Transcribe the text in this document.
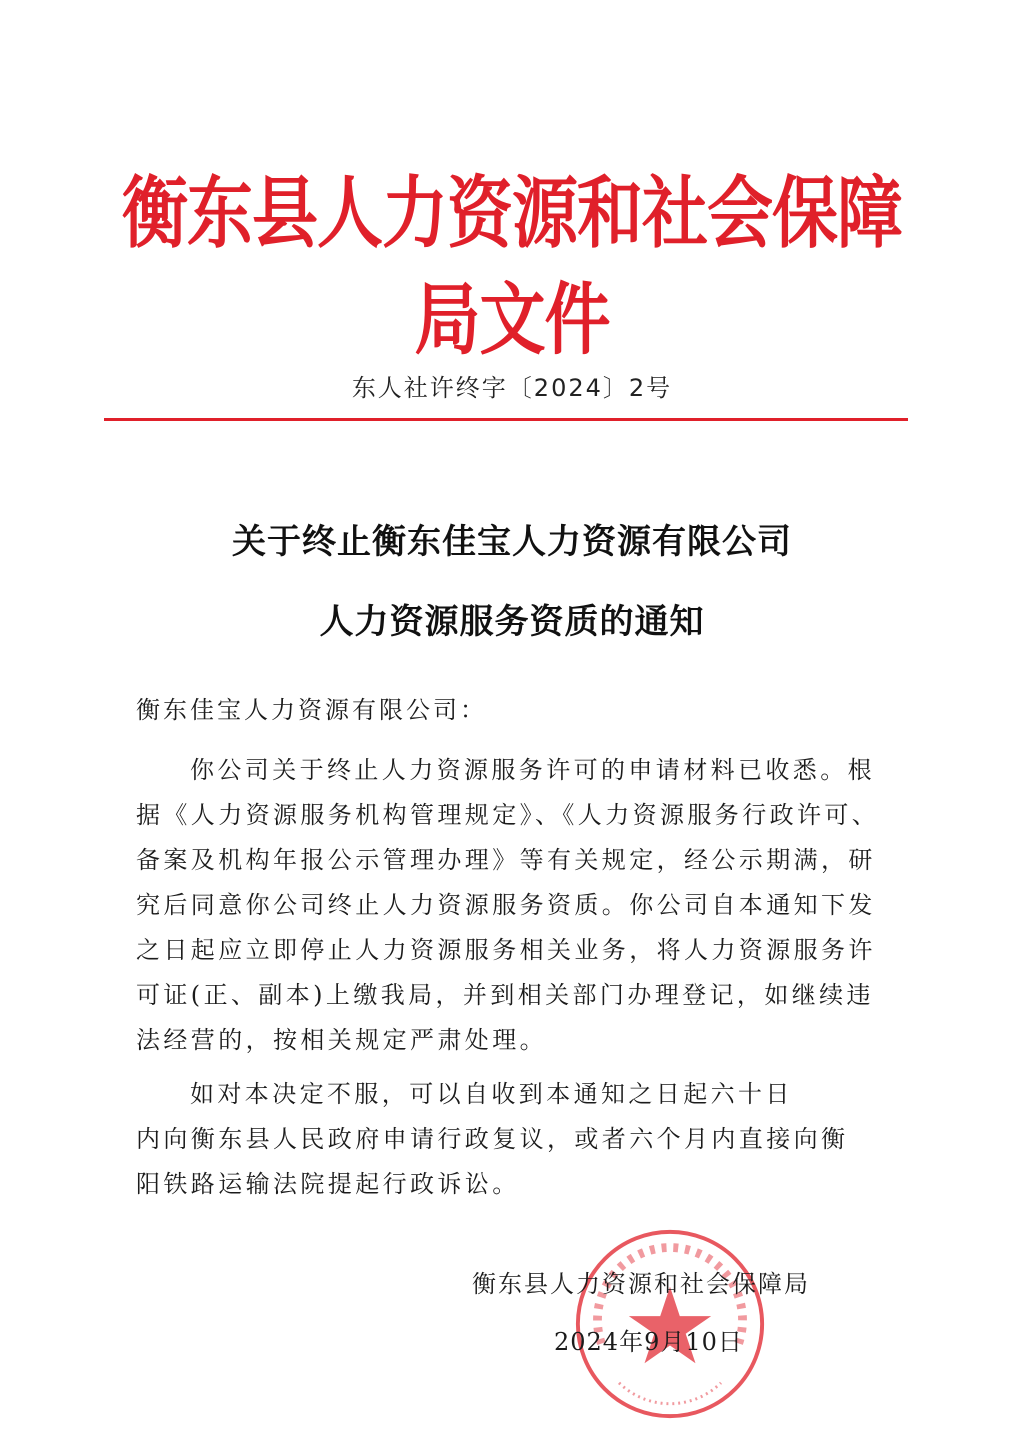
衡东县人力资源和社会保障局文件
东人社许终字〔2024〕2号
关于终止衡东佳宝人力资源有限公司
人力资源服务资质的通知
衡东佳宝人力资源有限公司：
你公司关于终止人力资源服务许可的申请材料已收悉。根
据《人力资源服务机构管理规定》、《人力资源服务行政许可、
备案及机构年报公示管理办理》等有关规定，经公示期满，研
究后同意你公司终止人力资源服务资质。你公司自本通知下发
之日起应立即停止人力资源服务相关业务，将人力资源服务许
可证(正、副本)上缴我局，并到相关部门办理登记，如继续违
法经营的，按相关规定严肃处理。
如对本决定不服，可以自收到本通知之日起六十日
内向衡东县人民政府申请行政复议，或者六个月内直接向衡
阳铁路运输法院提起行政诉讼。
衡东县人力资源和社会保障局
2024年9月10日
